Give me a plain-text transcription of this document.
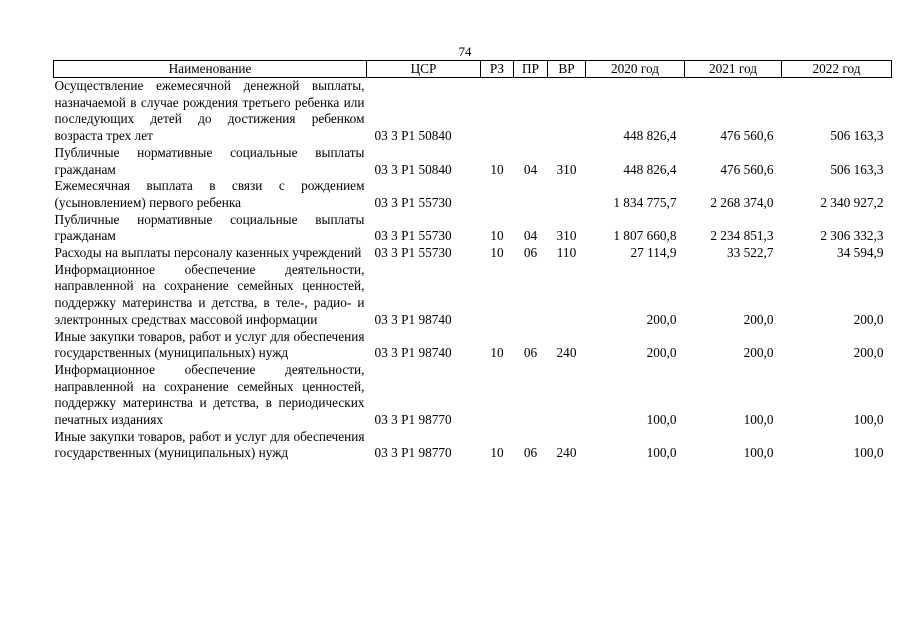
74
Наименование	ЦСР	РЗ	ПР	ВР	2020 год	2021 год	2022 год
Осуществление ежемесячной денежной выплаты, назначаемой в случае рождения третьего ребенка или последующих детей до достижения ребенком возраста трех лет	03 3 P1 50840				448 826,4	476 560,6	506 163,3
Публичные нормативные социальные выплаты гражданам	03 3 P1 50840	10	04	310	448 826,4	476 560,6	506 163,3
Ежемесячная выплата в связи с рождением (усыновлением) первого ребенка	03 3 P1 55730				1 834 775,7	2 268 374,0	2 340 927,2
Публичные нормативные социальные выплаты гражданам	03 3 P1 55730	10	04	310	1 807 660,8	2 234 851,3	2 306 332,3
Расходы на выплаты персоналу казенных учреждений	03 3 P1 55730	10	06	110	27 114,9	33 522,7	34 594,9
Информационное обеспечение деятельности, направленной на сохранение семейных ценностей, поддержку материнства и детства, в теле-, радио- и электронных средствах массовой информации	03 3 P1 98740				200,0	200,0	200,0
Иные закупки товаров, работ и услуг для обеспечения государственных (муниципальных) нужд	03 3 P1 98740	10	06	240	200,0	200,0	200,0
Информационное обеспечение деятельности, направленной на сохранение семейных ценностей, поддержку материнства и детства, в периодических печатных изданиях	03 3 P1 98770				100,0	100,0	100,0
Иные закупки товаров, работ и услуг для обеспечения государственных (муниципальных) нужд	03 3 P1 98770	10	06	240	100,0	100,0	100,0
